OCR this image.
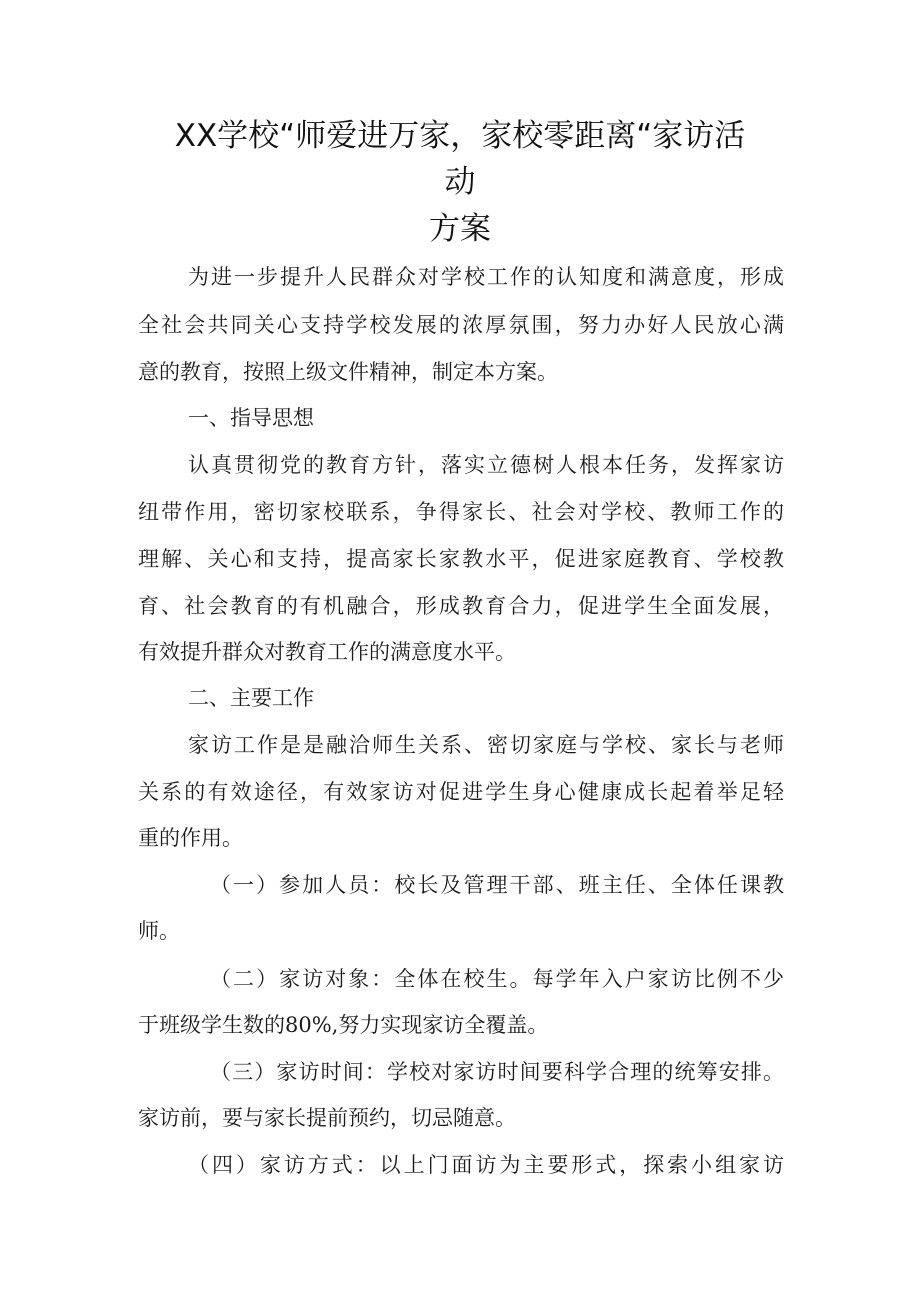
XX学校“师爱进万家，家校零距离“家访活
动
方案
为进一步提升人民群众对学校工作的认知度和满意度，形成
全社会共同关心支持学校发展的浓厚氛围，努力办好人民放心满
意的教育，按照上级文件精神，制定本方案。
一、指导思想
认真贯彻党的教育方针，落实立德树人根本任务，发挥家访
纽带作用，密切家校联系，争得家长、社会对学校、教师工作的
理解、关心和支持，提高家长家教水平，促进家庭教育、学校教
育、社会教育的有机融合，形成教育合力，促进学生全面发展，
有效提升群众对教育工作的满意度水平。
二、主要工作
家访工作是是融洽师生关系、密切家庭与学校、家长与老师
关系的有效途径，有效家访对促进学生身心健康成长起着举足轻
重的作用。
（一）参加人员：校长及管理干部、班主任、全体任课教
师。
（二）家访对象：全体在校生。每学年入户家访比例不少
于班级学生数的80%,努力实现家访全覆盖。
（三）家访时间：学校对家访时间要科学合理的统筹安排。
家访前，要与家长提前预约，切忌随意。
（四）家访方式：以上门面访为主要形式，探索小组家访
